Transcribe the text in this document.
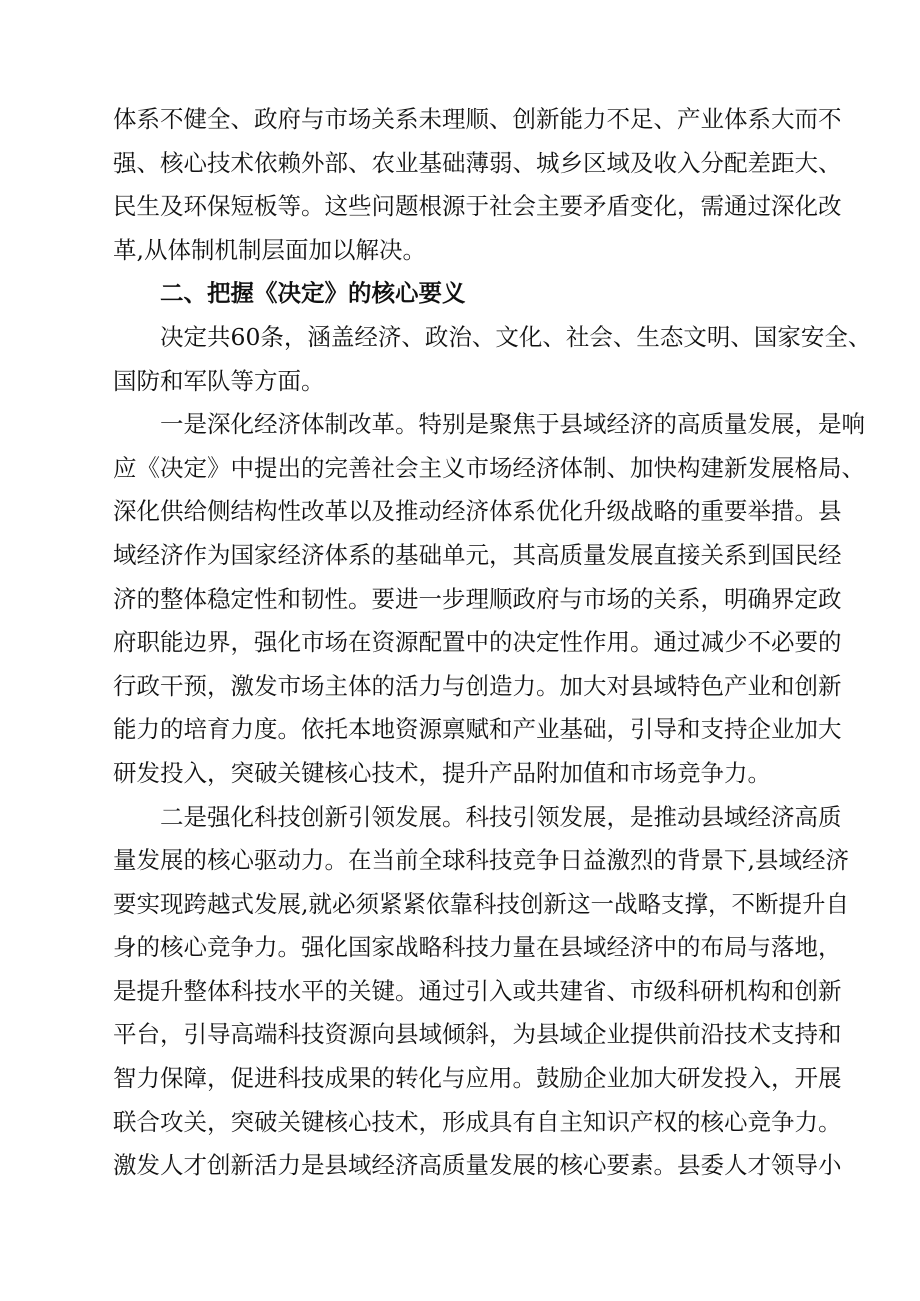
体系不健全、政府与市场关系未理顺、创新能力不足、产业体系大而不
强、核心技术依赖外部、农业基础薄弱、城乡区域及收入分配差距大、
民生及环保短板等。这些问题根源于社会主要矛盾变化，需通过深化改
革,从体制机制层面加以解决。
二、把握《决定》的核心要义
决定共60条，涵盖经济、政治、文化、社会、生态文明、国家安全、
国防和军队等方面。
一是深化经济体制改革。特别是聚焦于县域经济的高质量发展，是响
应《决定》中提出的完善社会主义市场经济体制、加快构建新发展格局、
深化供给侧结构性改革以及推动经济体系优化升级战略的重要举措。县
域经济作为国家经济体系的基础单元，其高质量发展直接关系到国民经
济的整体稳定性和韧性。要进一步理顺政府与市场的关系，明确界定政
府职能边界，强化市场在资源配置中的决定性作用。通过减少不必要的
行政干预，激发市场主体的活力与创造力。加大对县域特色产业和创新
能力的培育力度。依托本地资源禀赋和产业基础，引导和支持企业加大
研发投入，突破关键核心技术，提升产品附加值和市场竞争力。
二是强化科技创新引领发展。科技引领发展，是推动县域经济高质
量发展的核心驱动力。在当前全球科技竞争日益激烈的背景下,县域经济
要实现跨越式发展,就必须紧紧依靠科技创新这一战略支撑，不断提升自
身的核心竞争力。强化国家战略科技力量在县域经济中的布局与落地，
是提升整体科技水平的关键。通过引入或共建省、市级科研机构和创新
平台，引导高端科技资源向县域倾斜，为县域企业提供前沿技术支持和
智力保障，促进科技成果的转化与应用。鼓励企业加大研发投入，开展
联合攻关，突破关键核心技术，形成具有自主知识产权的核心竞争力。
激发人才创新活力是县域经济高质量发展的核心要素。县委人才领导小
